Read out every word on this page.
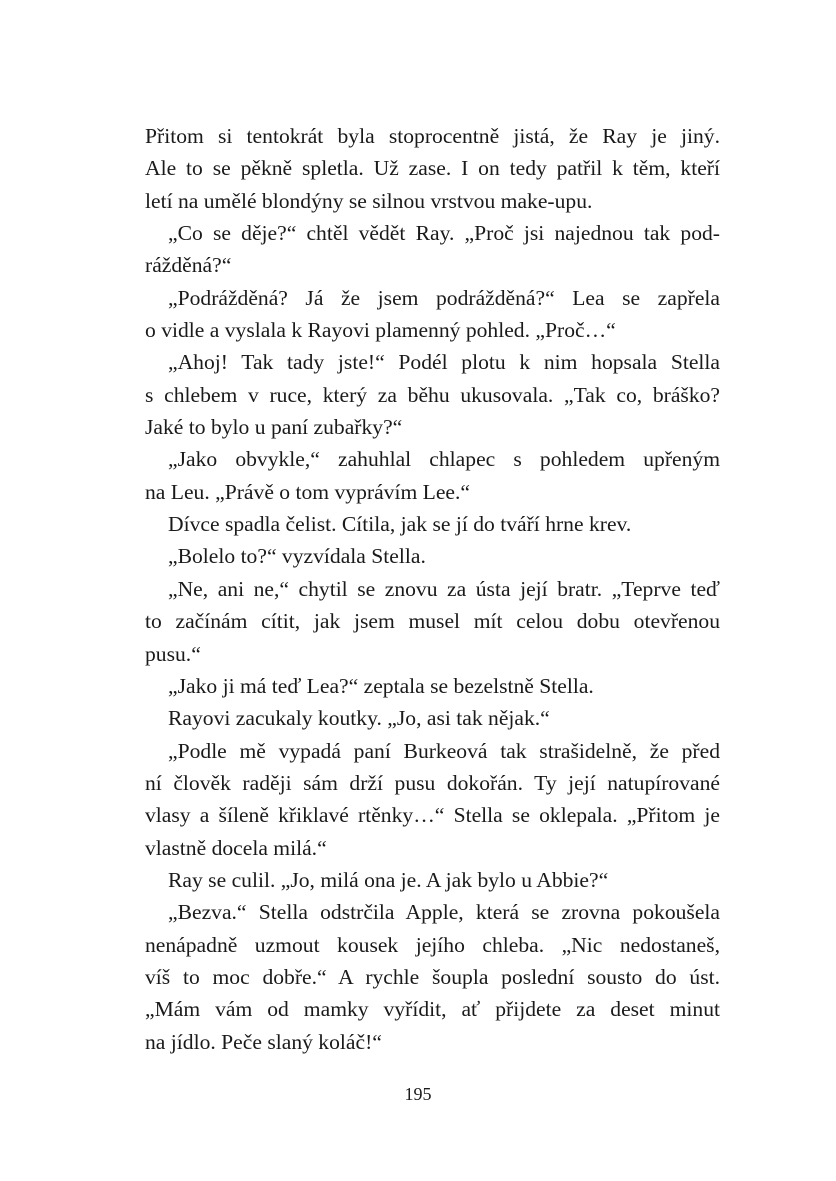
Přitom si tentokrát byla stoprocentně jistá, že Ray je jiný.
Ale to se pěkně spletla. Už zase. I on tedy patřil k těm, kteří
letí na umělé blondýny se silnou vrstvou make-upu.
„Co se děje?“ chtěl vědět Ray. „Proč jsi najednou tak pod-
rážděná?“
„Podrážděná? Já že jsem podrážděná?“ Lea se zapřela
o vidle a vyslala k Rayovi plamenný pohled. „Proč…“
„Ahoj! Tak tady jste!“ Podél plotu k nim hopsala Stella
s chlebem v ruce, který za běhu ukusovala. „Tak co, bráško?
Jaké to bylo u paní zubařky?“
„Jako obvykle,“ zahuhlal chlapec s pohledem upřeným
na Leu. „Právě o tom vyprávím Lee.“
Dívce spadla čelist. Cítila, jak se jí do tváří hrne krev.
„Bolelo to?“ vyzvídala Stella.
„Ne, ani ne,“ chytil se znovu za ústa její bratr. „Teprve teď
to začínám cítit, jak jsem musel mít celou dobu otevřenou
pusu.“
„Jako ji má teď Lea?“ zeptala se bezelstně Stella.
Rayovi zacukaly koutky. „Jo, asi tak nějak.“
„Podle mě vypadá paní Burkeová tak strašidelně, že před
ní člověk raději sám drží pusu dokořán. Ty její natupírované
vlasy a šíleně křiklavé rtěnky…“ Stella se oklepala. „Přitom je
vlastně docela milá.“
Ray se culil. „Jo, milá ona je. A jak bylo u Abbie?“
„Bezva.“ Stella odstrčila Apple, která se zrovna pokoušela
nenápadně uzmout kousek jejího chleba. „Nic nedostaneš,
víš to moc dobře.“ A rychle šoupla poslední sousto do úst.
„Mám vám od mamky vyřídit, ať přijdete za deset minut
na jídlo. Peče slaný koláč!“
195
